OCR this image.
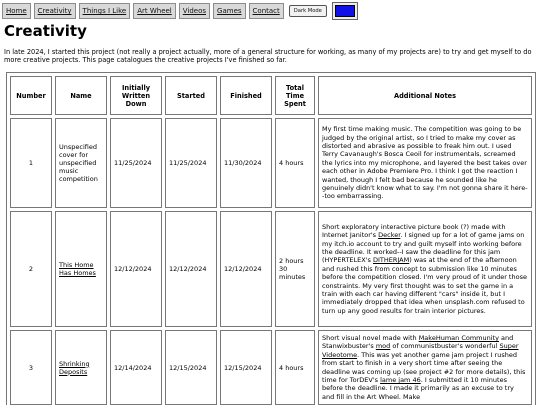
Home	Creativity	Things I Like	Art Wheel	Videos	Games	Contact	Dark Mode
Creativity

In late 2024, I started this project (not really a project actually, more of a general structure for working, as many of my projects are) to try and get myself to do more creative projects. This page catalogues the creative projects I've finished so far.

Number	Name	Initially Written Down	Started	Finished	Total Time Spent	Additional Notes
1	Unspecified cover for unspecified music competition	11/25/2024	11/25/2024	11/30/2024	4 hours	My first time making music. The competition was going to be judged by the original artist, so I tried to make my cover as distorted and abrasive as possible to freak him out. I used Terry Cavanaugh's Bosca Ceoil for instrumentals, screamed the lyrics into my microphone, and layered the best takes over each other in Adobe Premiere Pro. I think I got the reaction I wanted, though I felt bad because he sounded like he genuinely didn't know what to say. I'm not gonna share it here--too embarrassing.
2	This Home Has Homes	12/12/2024	12/12/2024	12/12/2024	2 hours 30 minutes	Short exploratory interactive picture book (?) made with Internet Janitor's Decker. I signed up for a lot of game jams on my itch.io account to try and guilt myself into working before the deadline. It worked--I saw the deadline for this jam (HYPERTELEX's DITHERJAM) was at the end of the afternoon and rushed this from concept to submission like 10 minutes before the competition closed. I'm very proud of it under those constraints. My very first thought was to set the game in a train with each car having different "cars" inside it, but I immediately dropped that idea when unsplash.com refused to turn up any good results for train interior pictures.
3	Shrinking Deposits	12/14/2024	12/15/2024	12/15/2024	4 hours	Short visual novel made with MakeHuman Community and Stanwixbuster's mod of communistbuster's wonderful Super Videotome. This was yet another game jam project I rushed from start to finish in a very short time after seeing the deadline was coming up (see project #2 for more details), this time for TorDEV's lame jam 46. I submitted it 10 minutes before the deadline. I made it primarily as an excuse to try and fill in the Art Wheel. Make
